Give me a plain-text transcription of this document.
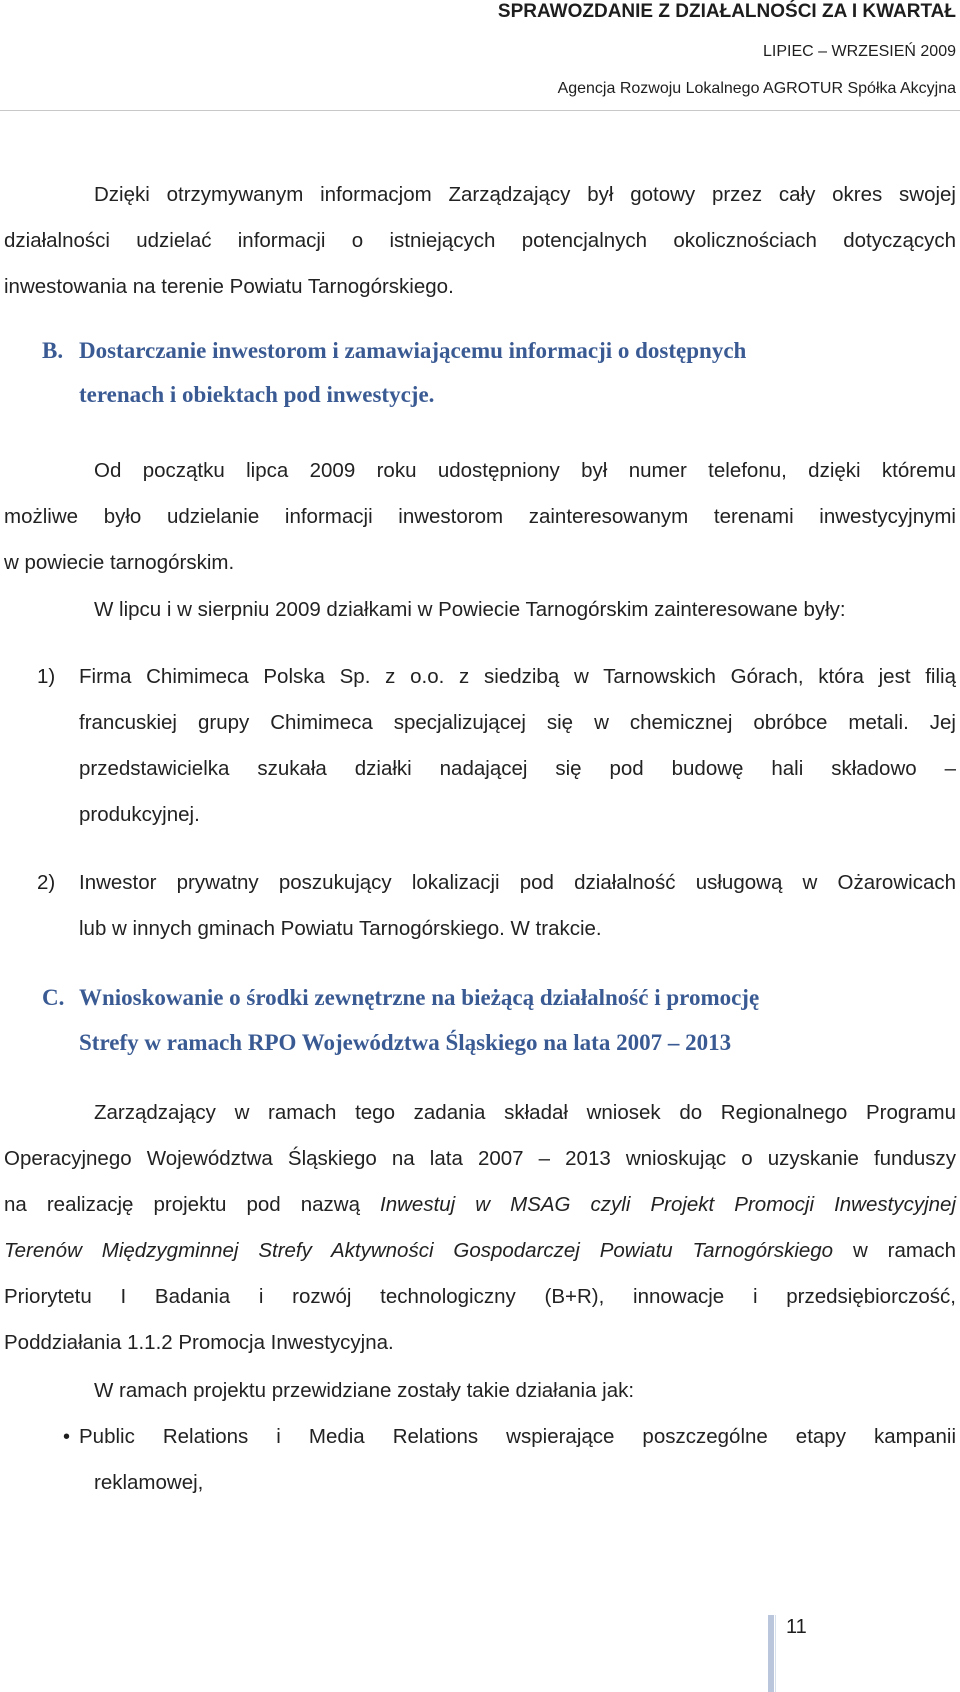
SPRAWOZDANIE Z DZIAŁALNOŚCI ZA I KWARTAŁ
LIPIEC – WRZESIEŃ 2009
Agencja Rozwoju Lokalnego AGROTUR Spółka Akcyjna
Dzięki otrzymywanym informacjom Zarządzający był gotowy przez cały okres swojej
działalności udzielać informacji o istniejących potencjalnych okolicznościach dotyczących
inwestowania na terenie Powiatu Tarnogórskiego.
B. Dostarczanie inwestorom i zamawiającemu informacji o dostępnych
terenach i obiektach pod inwestycje.
Od początku lipca 2009 roku udostępniony był numer telefonu, dzięki któremu
możliwe było udzielanie informacji inwestorom zainteresowanym terenami inwestycyjnymi
w powiecie tarnogórskim.
W lipcu i w sierpniu 2009 działkami w Powiecie Tarnogórskim zainteresowane były:
1) Firma Chimimeca Polska Sp. z o.o. z siedzibą w Tarnowskich Górach, która jest filią
francuskiej grupy Chimimeca specjalizującej się w chemicznej obróbce metali. Jej
przedstawicielka szukała działki nadającej się pod budowę hali składowo –
produkcyjnej.
2) Inwestor prywatny poszukujący lokalizacji pod działalność usługową w Ożarowicach
lub w innych gminach Powiatu Tarnogórskiego. W trakcie.
C. Wnioskowanie o środki zewnętrzne na bieżącą działalność i promocję
Strefy w ramach RPO Województwa Śląskiego na lata 2007 – 2013
Zarządzający w ramach tego zadania składał wniosek do Regionalnego Programu
Operacyjnego Województwa Śląskiego na lata 2007 – 2013 wnioskując o uzyskanie funduszy
na realizację projektu pod nazwą Inwestuj w MSAG czyli Projekt Promocji Inwestycyjnej
Terenów Międzygminnej Strefy Aktywności Gospodarczej Powiatu Tarnogórskiego w ramach
Priorytetu I Badania i rozwój technologiczny (B+R), innowacje i przedsiębiorczość,
Poddziałania 1.1.2 Promocja Inwestycyjna.
W ramach projektu przewidziane zostały takie działania jak:
• Public Relations i Media Relations wspierające poszczególne etapy kampanii
reklamowej,
11
